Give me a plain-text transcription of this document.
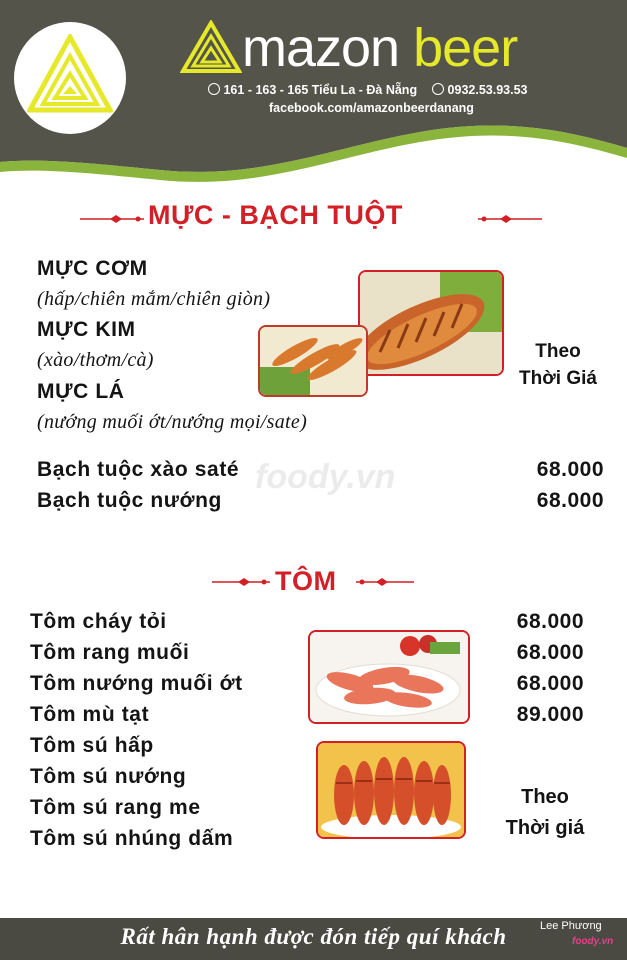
mazon beer
161 - 163 - 165 Tiểu La - Đà Nẵng 0932.53.93.53
facebook.com/amazonbeerdanang
MỰC - BẠCH TUỘT
MỰC CƠM
(hấp/chiên mắm/chiên giòn)
MỰC KIM
(xào/thơm/cà)
MỰC LÁ
(nướng muối ớt/nướng mọi/sate)
Theo
Thời Giá
Bạch tuộc xào saté	68.000
Bạch tuộc nướng	68.000
foody.vn
TÔM
Tôm cháy tỏi	68.000
Tôm rang muối	68.000
Tôm nướng muối ớt	68.000
Tôm mù tạt	89.000
Tôm sú hấp
Tôm sú nướng
Tôm sú rang me
Tôm sú nhúng dấm
Theo
Thời giá
Rất hân hạnh được đón tiếp quí khách	Lee Phương
foody.vn
